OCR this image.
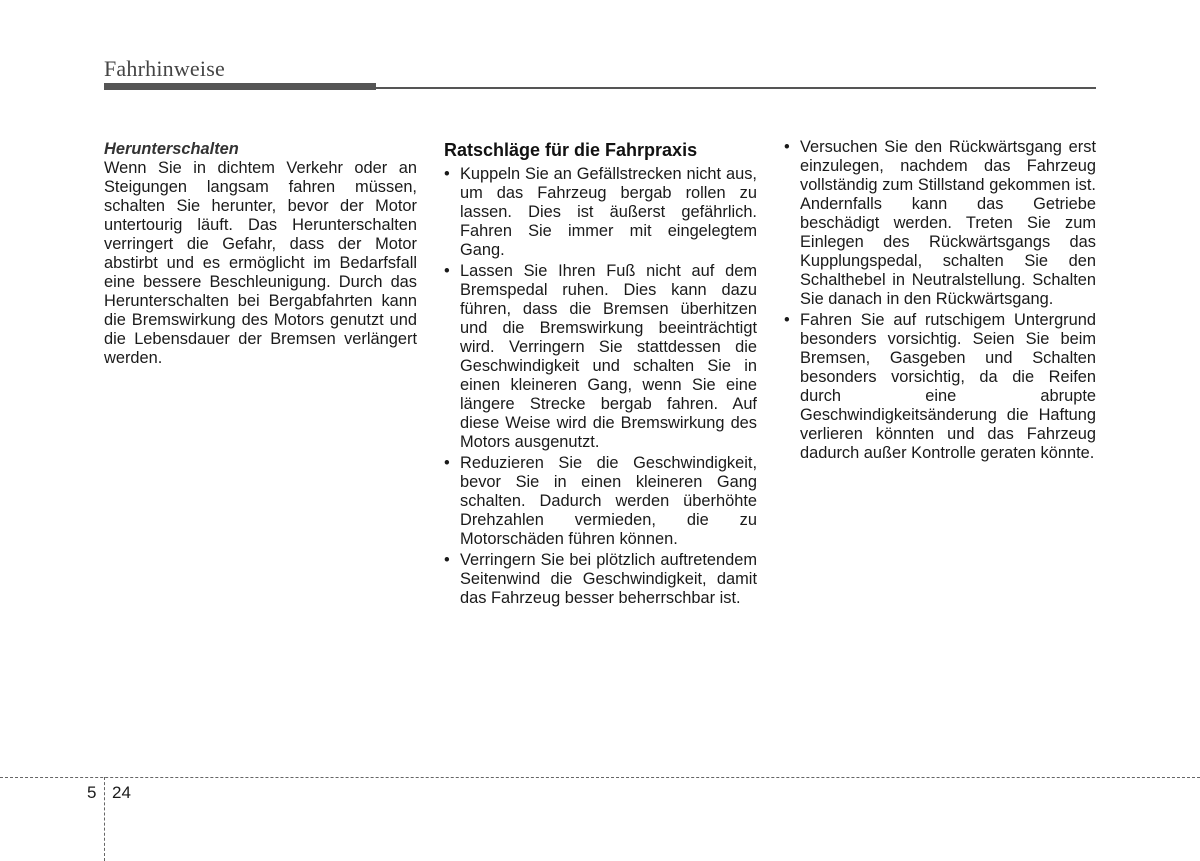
Fahrhinweise
Herunterschalten
Wenn Sie in dichtem Verkehr oder an Steigungen langsam fahren müssen, schalten Sie herunter, bevor der Motor untertourig läuft. Das Herunterschalten verringert die Gefahr, dass der Motor abstirbt und es ermöglicht im Bedarfsfall eine bessere Beschleunigung. Durch das Herunterschalten bei Bergabfahrten kann die Bremswirkung des Motors genutzt und die Lebensdauer der Bremsen verlängert werden.
Ratschläge für die Fahrpraxis
• Kuppeln Sie an Gefällstrecken nicht aus, um das Fahrzeug bergab rollen zu lassen. Dies ist äußerst gefährlich. Fahren Sie immer mit eingelegtem Gang.
• Lassen Sie Ihren Fuß nicht auf dem Bremspedal ruhen. Dies kann dazu führen, dass die Bremsen überhitzen und die Bremswirkung beeinträchtigt wird. Verringern Sie stattdessen die Geschwindigkeit und schalten Sie in einen kleineren Gang, wenn Sie eine längere Strecke bergab fahren. Auf diese Weise wird die Bremswirkung des Motors ausgenutzt.
• Reduzieren Sie die Geschwindigkeit, bevor Sie in einen kleineren Gang schalten. Dadurch werden überhöhte Drehzahlen vermieden, die zu Motorschäden führen können.
• Verringern Sie bei plötzlich auftretendem Seitenwind die Geschwindigkeit, damit das Fahrzeug besser beherrschbar ist.
• Versuchen Sie den Rückwärtsgang erst einzulegen, nachdem das Fahrzeug vollständig zum Stillstand gekommen ist. Andernfalls kann das Getriebe beschädigt werden. Treten Sie zum Einlegen des Rückwärtsgangs das Kupplungspedal, schalten Sie den Schalthebel in Neutralstellung. Schalten Sie danach in den Rückwärtsgang.
• Fahren Sie auf rutschigem Untergrund besonders vorsichtig. Seien Sie beim Bremsen, Gasgeben und Schalten besonders vorsichtig, da die Reifen durch eine abrupte Geschwindigkeitsänderung die Haftung verlieren könnten und das Fahrzeug dadurch außer Kontrolle geraten könnte.
5 24
